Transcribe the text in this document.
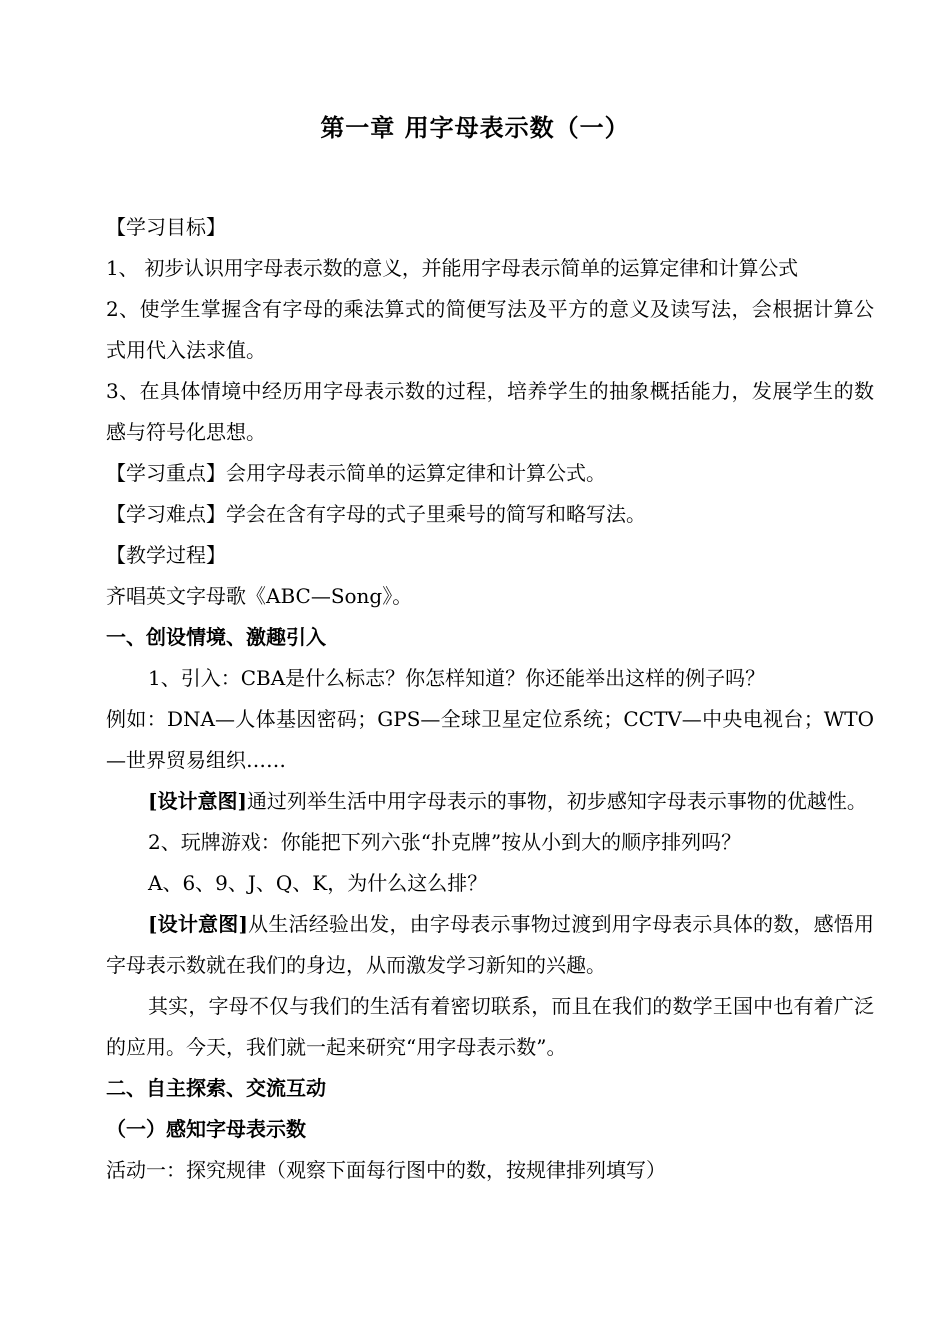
第一章 用字母表示数（一）

【学习目标】

1、 初步认识用字母表示数的意义，并能用字母表示简单的运算定律和计算公式

2、使学生掌握含有字母的乘法算式的简便写法及平方的意义及读写法，会根据计算公式用代入法求值。

3、在具体情境中经历用字母表示数的过程，培养学生的抽象概括能力，发展学生的数感与符号化思想。

【学习重点】会用字母表示简单的运算定律和计算公式。

【学习难点】学会在含有字母的式子里乘号的简写和略写法。

【教学过程】

齐唱英文字母歌《ABC—Song》。

一、创设情境、激趣引入

1、引入：CBA是什么标志？你怎样知道？你还能举出这样的例子吗？

例如：DNA—人体基因密码；GPS—全球卫星定位系统；CCTV—中央电视台；WTO—世界贸易组织……

[设计意图]通过列举生活中用字母表示的事物，初步感知字母表示事物的优越性。

2、玩牌游戏：你能把下列六张“扑克牌”按从小到大的顺序排列吗？

A、6、9、J、Q、K，为什么这么排？

[设计意图]从生活经验出发，由字母表示事物过渡到用字母表示具体的数，感悟用字母表示数就在我们的身边，从而激发学习新知的兴趣。

其实，字母不仅与我们的生活有着密切联系，而且在我们的数学王国中也有着广泛的应用。今天，我们就一起来研究“用字母表示数”。

二、自主探索、交流互动

（一）感知字母表示数

活动一：探究规律（观察下面每行图中的数，按规律排列填写）
